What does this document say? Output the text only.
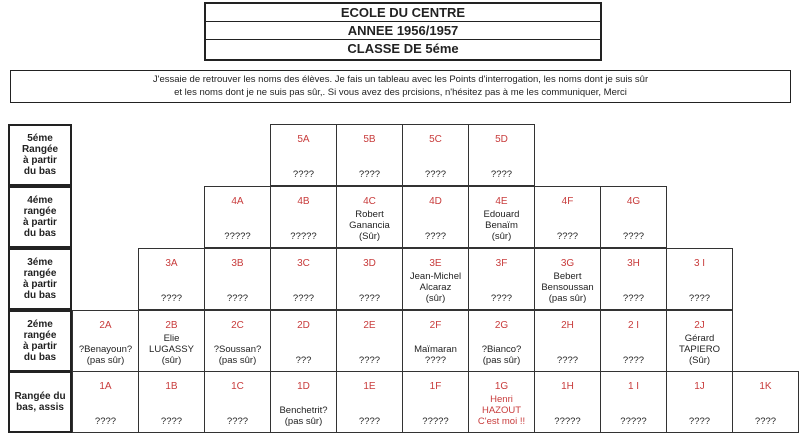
ECOLE DU CENTRE
ANNEE 1956/1957
CLASSE DE 5éme
J'essaie de retrouver les noms des élèves. Je fais un tableau avec les Points d'interrogation, les noms dont je suis sûr
et les noms dont je ne suis pas sûr,. Si vous avez des prcisions, n'hésitez pas à me les communiquer, Merci
5éme
Rangée
à partir
du bas
5A
????
5B
????
5C
????
5D
????
4éme
rangée
à partir
du bas
4A
?????
4B
?????
4C
Robert
Ganancia
(Sûr)
4D
????
4E
Edouard
Benaïm
(sûr)
4F
????
4G
????
3éme
rangée
à partir
du bas
3A
????
3B
????
3C
????
3D
????
3E
Jean-Michel
Alcaraz
(sûr)
3F
????
3G
Bebert
Bensoussan
(pas sûr)
3H
????
3 I
????
2éme
rangée
à partir
du bas
2A
?Benayoun?
(pas sûr)
2B
Elie
LUGASSY
(sûr)
2C
?Soussan?
(pas sûr)
2D
???
2E
????
2F
Maïmaran
????
2G
?Bianco?
(pas sûr)
2H
????
2 I
????
2J
Gérard
TAPIERO
(Sûr)
Rangée du
bas, assis
1A
????
1B
????
1C
????
1D
Benchetrit?
(pas sûr)
1E
????
1F
?????
1G
Henri
HAZOUT
C'est moi !!
1H
?????
1 I
?????
1J
????
1K
????
